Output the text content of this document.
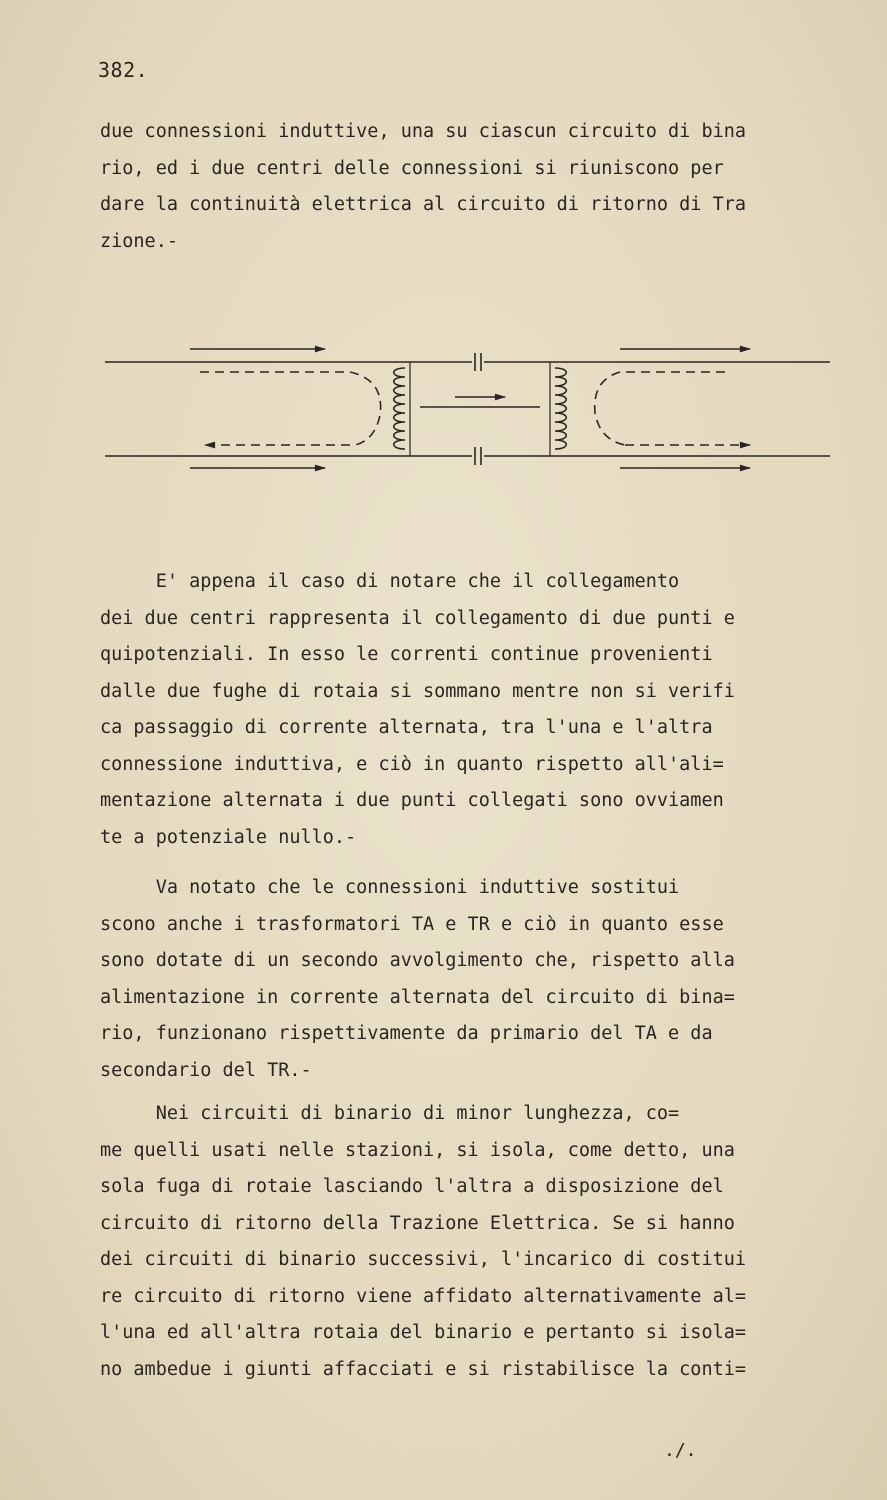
382.
due connessioni induttive, una su ciascun circuito di bina
rio, ed i due centri delle connessioni si riuniscono per
dare la continuità elettrica al circuito di ritorno di Tra
zione.-
E' appena il caso di notare che il collegamento
dei due centri rappresenta il collegamento di due punti e
quipotenziali. In esso le correnti continue provenienti
dalle due fughe di rotaia si sommano mentre non si verifi
ca passaggio di corrente alternata, tra l'una e l'altra
connessione induttiva, e ciò in quanto rispetto all'ali=
mentazione alternata i due punti collegati sono ovviamen
te a potenziale nullo.-
Va notato che le connessioni induttive sostitui
scono anche i trasformatori TA e TR e ciò in quanto esse
sono dotate di un secondo avvolgimento che, rispetto alla
alimentazione in corrente alternata del circuito di bina=
rio, funzionano rispettivamente da primario del TA e da
secondario del TR.-
Nei circuiti di binario di minor lunghezza, co=
me quelli usati nelle stazioni, si isola, come detto, una
sola fuga di rotaie lasciando l'altra a disposizione del
circuito di ritorno della Trazione Elettrica. Se si hanno
dei circuiti di binario successivi, l'incarico di costitui
re circuito di ritorno viene affidato alternativamente al=
l'una ed all'altra rotaia del binario e pertanto si isola=
no ambedue i giunti affacciati e si ristabilisce la conti=
./.
